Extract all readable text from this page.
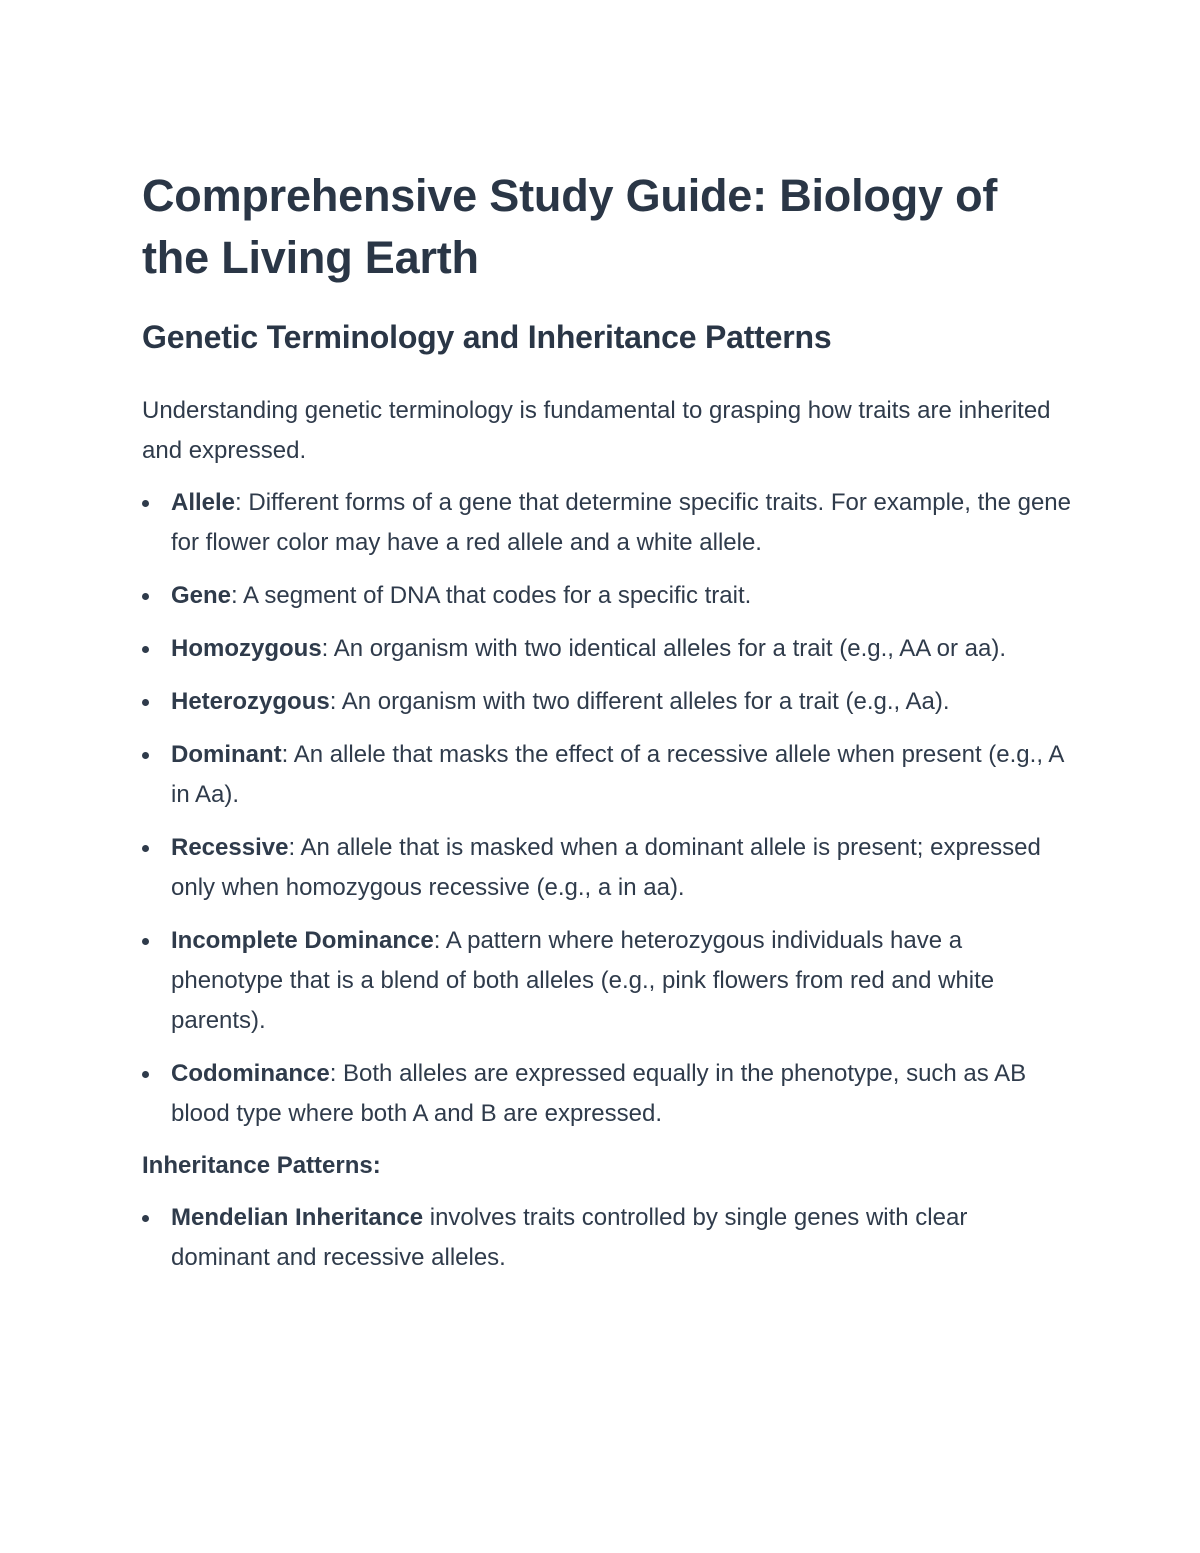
Comprehensive Study Guide: Biology of the Living Earth
Genetic Terminology and Inheritance Patterns

Understanding genetic terminology is fundamental to grasping how traits are inherited and expressed.

Allele: Different forms of a gene that determine specific traits. For example, the gene for flower color may have a red allele and a white allele.
Gene: A segment of DNA that codes for a specific trait.
Homozygous: An organism with two identical alleles for a trait (e.g., AA or aa).
Heterozygous: An organism with two different alleles for a trait (e.g., Aa).
Dominant: An allele that masks the effect of a recessive allele when present (e.g., A in Aa).
Recessive: An allele that is masked when a dominant allele is present; expressed only when homozygous recessive (e.g., a in aa).
Incomplete Dominance: A pattern where heterozygous individuals have a phenotype that is a blend of both alleles (e.g., pink flowers from red and white parents).
Codominance: Both alleles are expressed equally in the phenotype, such as AB blood type where both A and B are expressed.

Inheritance Patterns:

Mendelian Inheritance involves traits controlled by single genes with clear dominant and recessive alleles.
